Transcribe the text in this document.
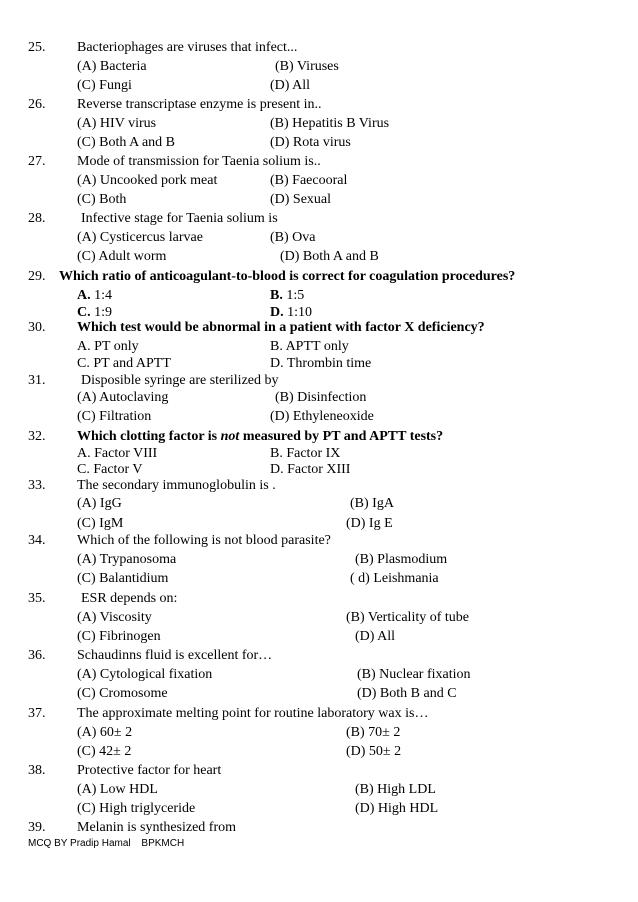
25. Bacteriophages are viruses that infect...
(A) Bacteria	(B) Viruses
(C) Fungi	(D) All
26. Reverse transcriptase enzyme is present in..
(A) HIV virus	(B) Hepatitis B Virus
(C) Both A and B	(D) Rota virus
27. Mode of transmission for Taenia solium is..
(A) Uncooked pork meat	(B) Faecooral
(C) Both	(D) Sexual
28.	Infective stage for Taenia solium is
(A) Cysticercus larvae	(B) Ova
(C) Adult worm	(D) Both A and B
29. Which ratio of anticoagulant-to-blood is correct for coagulation procedures?
A. 1:4	B. 1:5
C. 1:9	D. 1:10
30. Which test would be abnormal in a patient with factor X deficiency?
A. PT only	B. APTT only
C. PT and APTT	D. Thrombin time
31.	Disposible syringe are sterilized by
(A) Autoclaving	(B) Disinfection
(C) Filtration	(D) Ethyleneoxide
32. Which clotting factor is not measured by PT and APTT tests?
A. Factor VIII	B. Factor IX
C. Factor V	D. Factor XIII
33. The secondary immunoglobulin is .
(A) IgG	(B) IgA
(C) IgM	(D) Ig E
34. Which of the following is not blood parasite?
(A) Trypanosoma	(B) Plasmodium
(C) Balantidium	( d) Leishmania
35.	ESR depends on:
(A) Viscosity	(B) Verticality of tube
(C) Fibrinogen	(D) All
36. Schaudinns fluid is excellent for…
(A) Cytological fixation	(B) Nuclear fixation
(C) Cromosome	(D) Both B and C
37. The approximate melting point for routine laboratory wax is…
(A) 60± 2	(B) 70± 2
(C) 42± 2	(D) 50± 2
38. Protective factor for heart
(A) Low HDL	(B) High LDL
(C) High triglyceride	(D) High HDL
39. Melanin is synthesized from
MCQ BY Pradip Hamal BPKMCH
